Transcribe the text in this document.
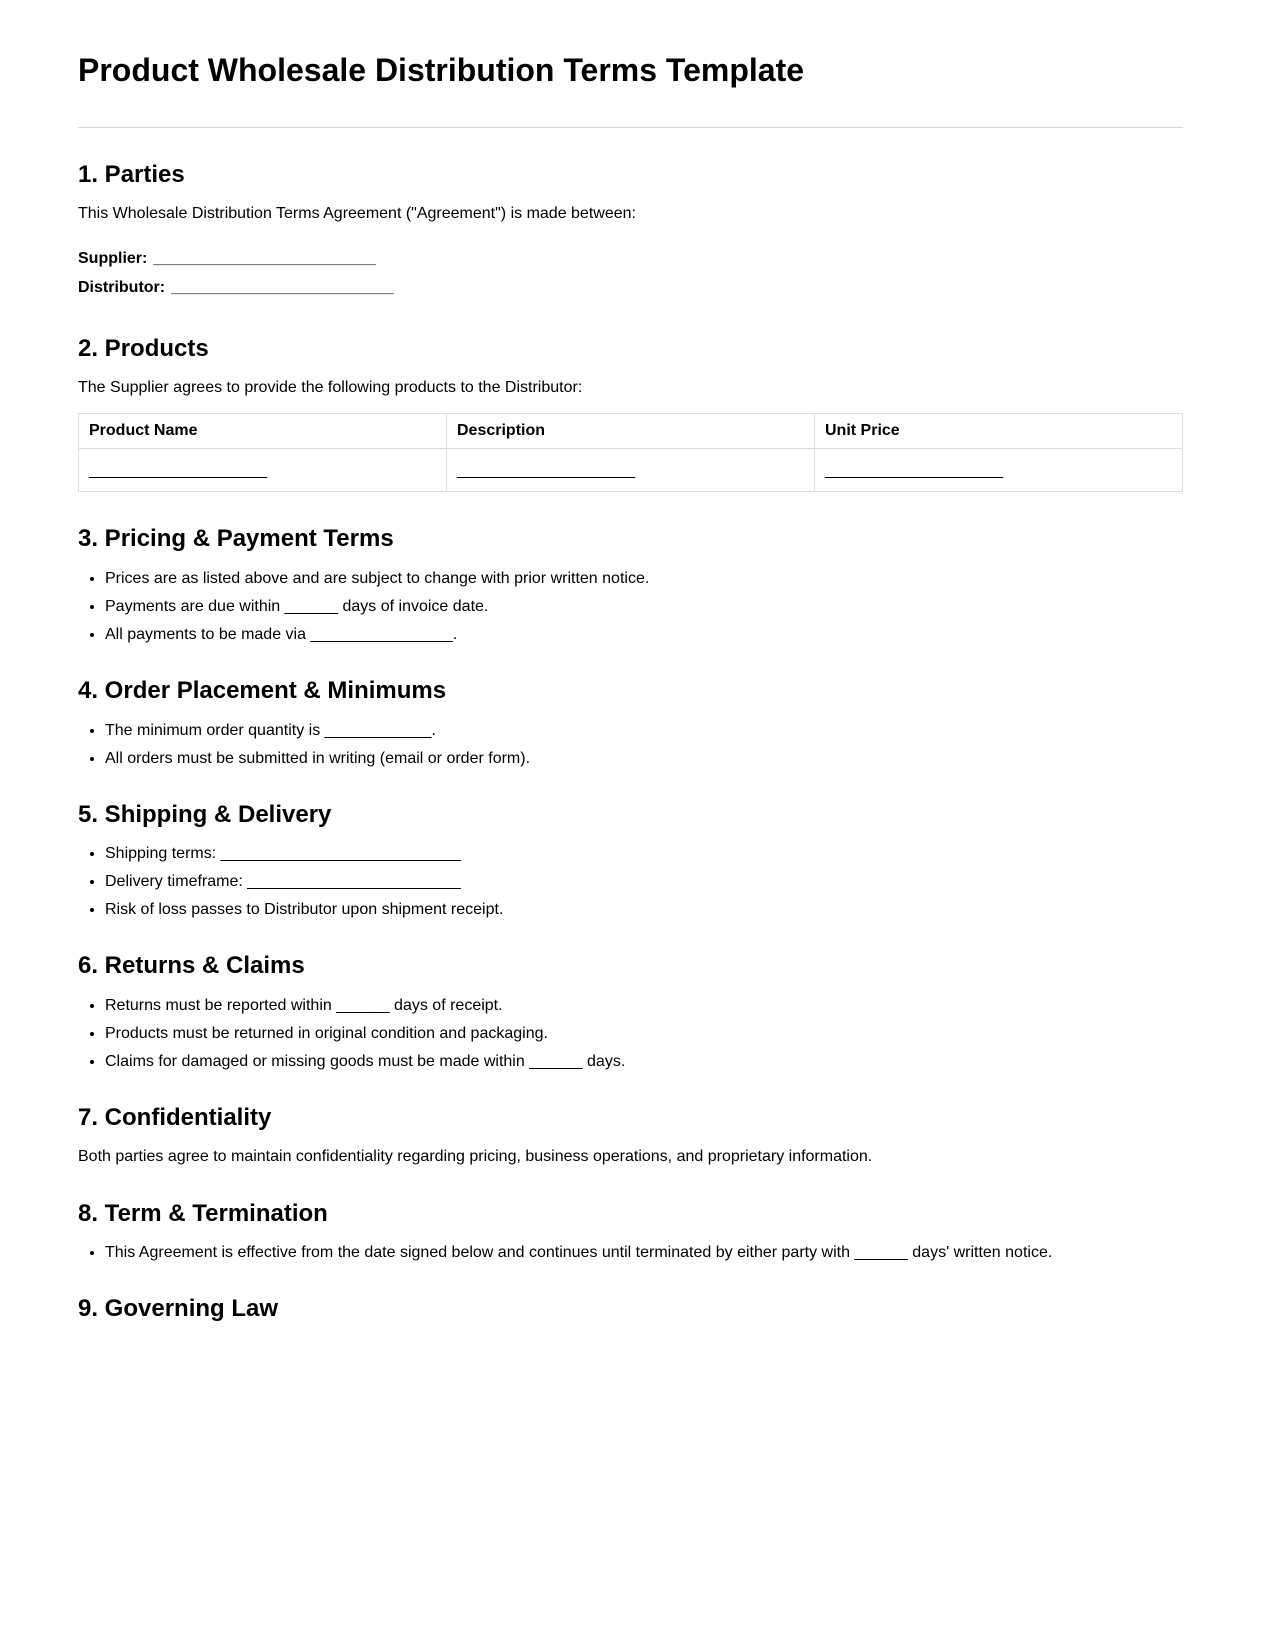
Product Wholesale Distribution Terms Template
1. Parties

This Wholesale Distribution Terms Agreement ("Agreement") is made between:

Supplier: _________________________

Distributor: _________________________

2. Products

The Supplier agrees to provide the following products to the Distributor:

Product Name	Description	Unit Price
____________________	____________________	____________________
3. Pricing & Payment Terms
• Prices are as listed above and are subject to change with prior written notice.
• Payments are due within ______ days of invoice date.
• All payments to be made via ________________.
4. Order Placement & Minimums
• The minimum order quantity is ____________.
• All orders must be submitted in writing (email or order form).
5. Shipping & Delivery
• Shipping terms: ___________________________
• Delivery timeframe: ________________________
• Risk of loss passes to Distributor upon shipment receipt.
6. Returns & Claims
• Returns must be reported within ______ days of receipt.
• Products must be returned in original condition and packaging.
• Claims for damaged or missing goods must be made within ______ days.
7. Confidentiality

Both parties agree to maintain confidentiality regarding pricing, business operations, and proprietary information.

8. Term & Termination
• This Agreement is effective from the date signed below and continues until terminated by either party with ______ days' written notice.
9. Governing Law
